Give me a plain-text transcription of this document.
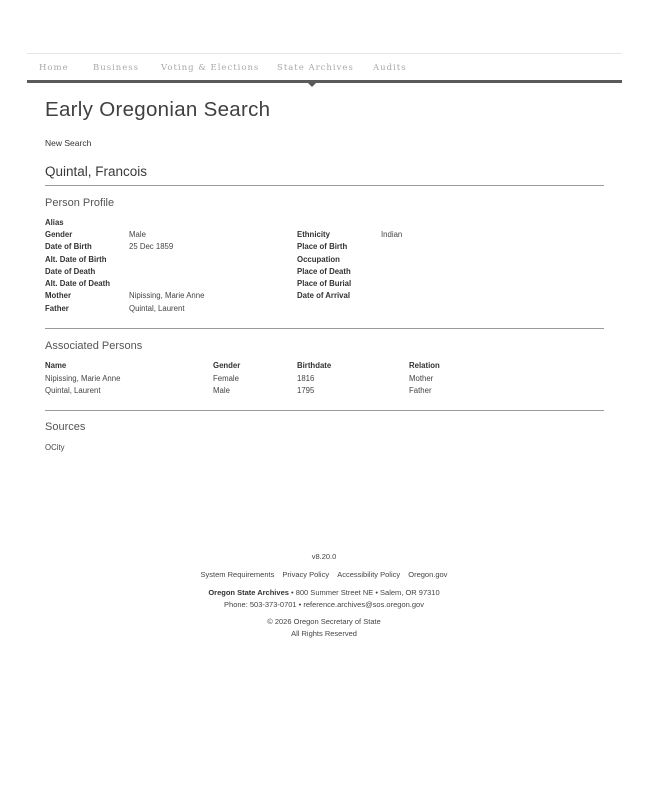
Home	Business	Voting & Elections State Archives Audits
Early Oregonian Search
New Search
Quintal, Francois
Person Profile
Alias
Gender	Male
Date of Birth	25 Dec 1859
Alt. Date of Birth
Date of Death
Alt. Date of Death
Mother	Nipissing, Marie Anne
Father	Quintal, Laurent
Ethnicity	Indian
Place of Birth
Occupation
Place of Death
Place of Burial
Date of Arrival
Associated Persons
Name	Gender	Birthdate	Relation
Nipissing, Marie Anne	Female	1816	Mother
Quintal, Laurent	Male	1795	Father
Sources
OCity
v8.20.0
System Requirements Privacy Policy Accessibility Policy Oregon.gov
Oregon State Archives • 800 Summer Street NE • Salem, OR 97310
Phone: 503-373-0701 • reference.archives@sos.oregon.gov
© 2026 Oregon Secretary of State
All Rights Reserved
